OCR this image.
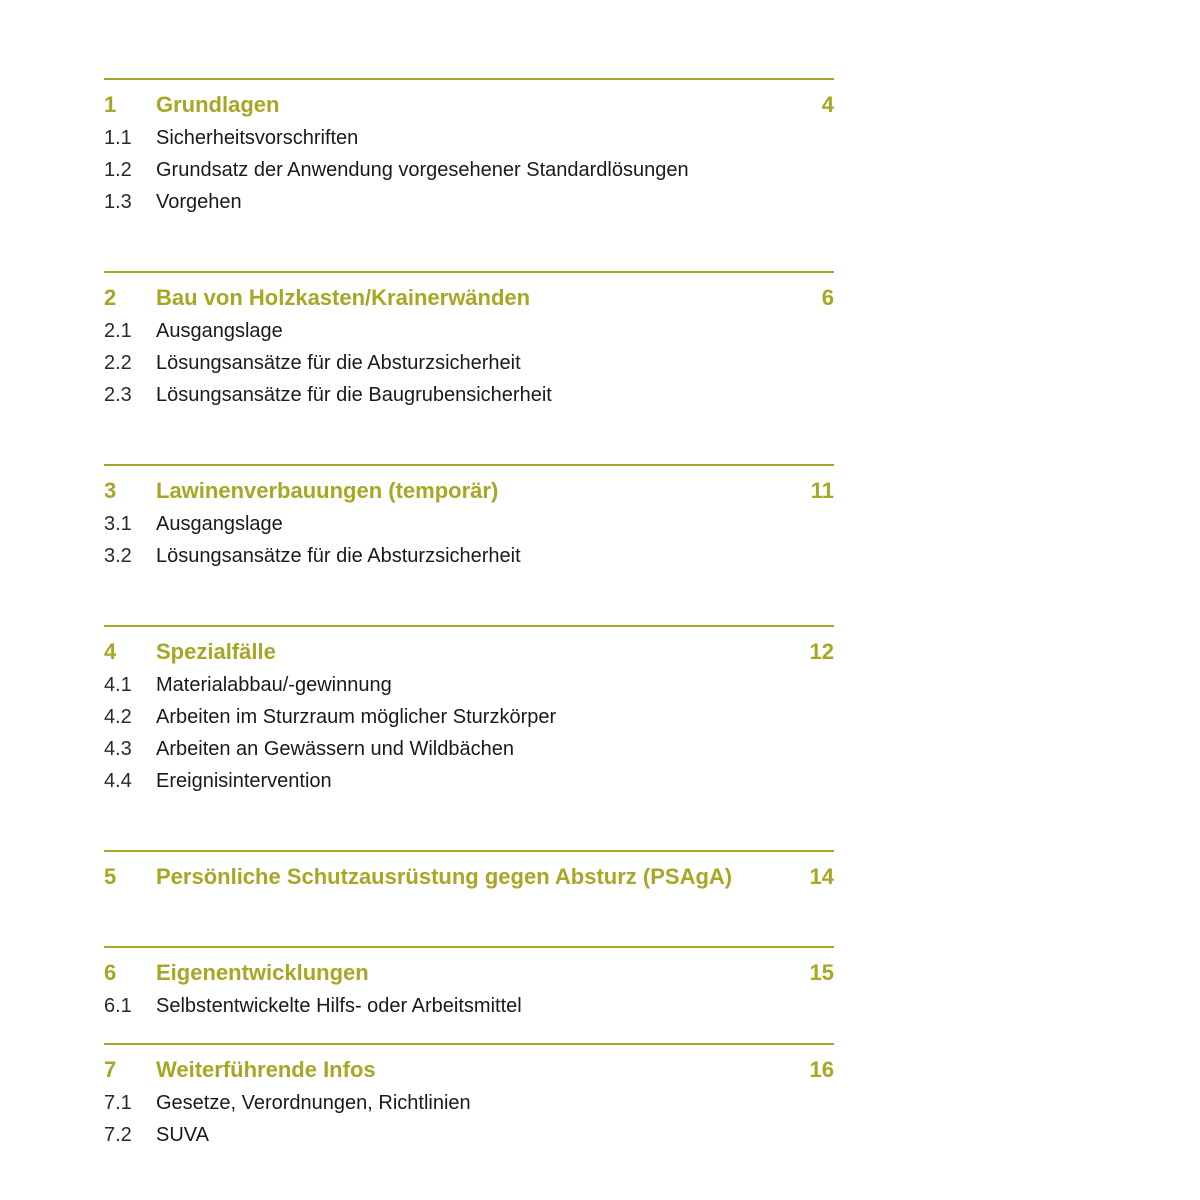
1 Grundlagen	4
1.1 Sicherheitsvorschriften
1.2 Grundsatz der Anwendung vorgesehener Standardlösungen
1.3 Vorgehen
2 Bau von Holzkasten/Krainerwänden	6
2.1 Ausgangslage
2.2 Lösungsansätze für die Absturzsicherheit
2.3 Lösungsansätze für die Baugrubensicherheit
3 Lawinenverbauungen (temporär)	11
3.1 Ausgangslage
3.2 Lösungsansätze für die Absturzsicherheit
4 Spezialfälle	12
4.1 Materialabbau/-gewinnung
4.2 Arbeiten im Sturzraum möglicher Sturzkörper
4.3 Arbeiten an Gewässern und Wildbächen
4.4 Ereignisintervention
5 Persönliche Schutzausrüstung gegen Absturz (PSAgA)	14
6 Eigenentwicklungen	15
6.1 Selbstentwickelte Hilfs- oder Arbeitsmittel
7 Weiterführende Infos	16
7.1 Gesetze, Verordnungen, Richtlinien
7.2 SUVA
